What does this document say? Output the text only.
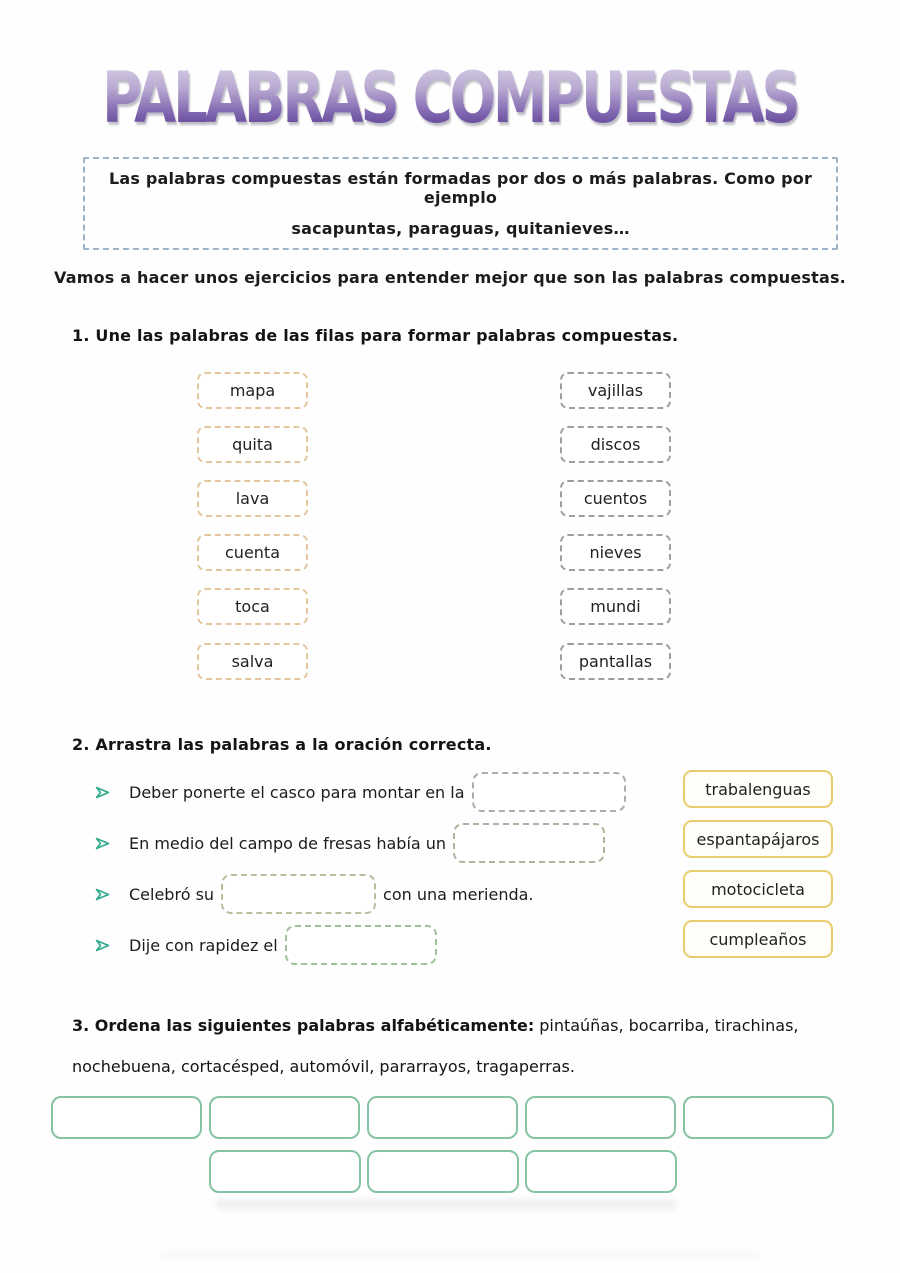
PALABRAS COMPUESTAS
Las palabras compuestas están formadas por dos o más palabras. Como por ejemplo
sacapuntas, paraguas, quitanieves…
Vamos a hacer unos ejercicios para entender mejor que son las palabras compuestas.
1. Une las palabras de las filas para formar palabras compuestas.
mapa
quita
lava
cuenta
toca
salva
vajillas
discos
cuentos
nieves
mundi
pantallas
2. Arrastra las palabras a la oración correcta.
Deber ponerte el casco para montar en la
En medio del campo de fresas había un
Celebró su	con una merienda.
Dije con rapidez el
trabalenguas
espantapájaros
motocicleta
cumpleaños
3. Ordena las siguientes palabras alfabéticamente: pintaúñas, bocarriba, tirachinas, nochebuena, cortacésped, automóvil, pararrayos, tragaperras.
